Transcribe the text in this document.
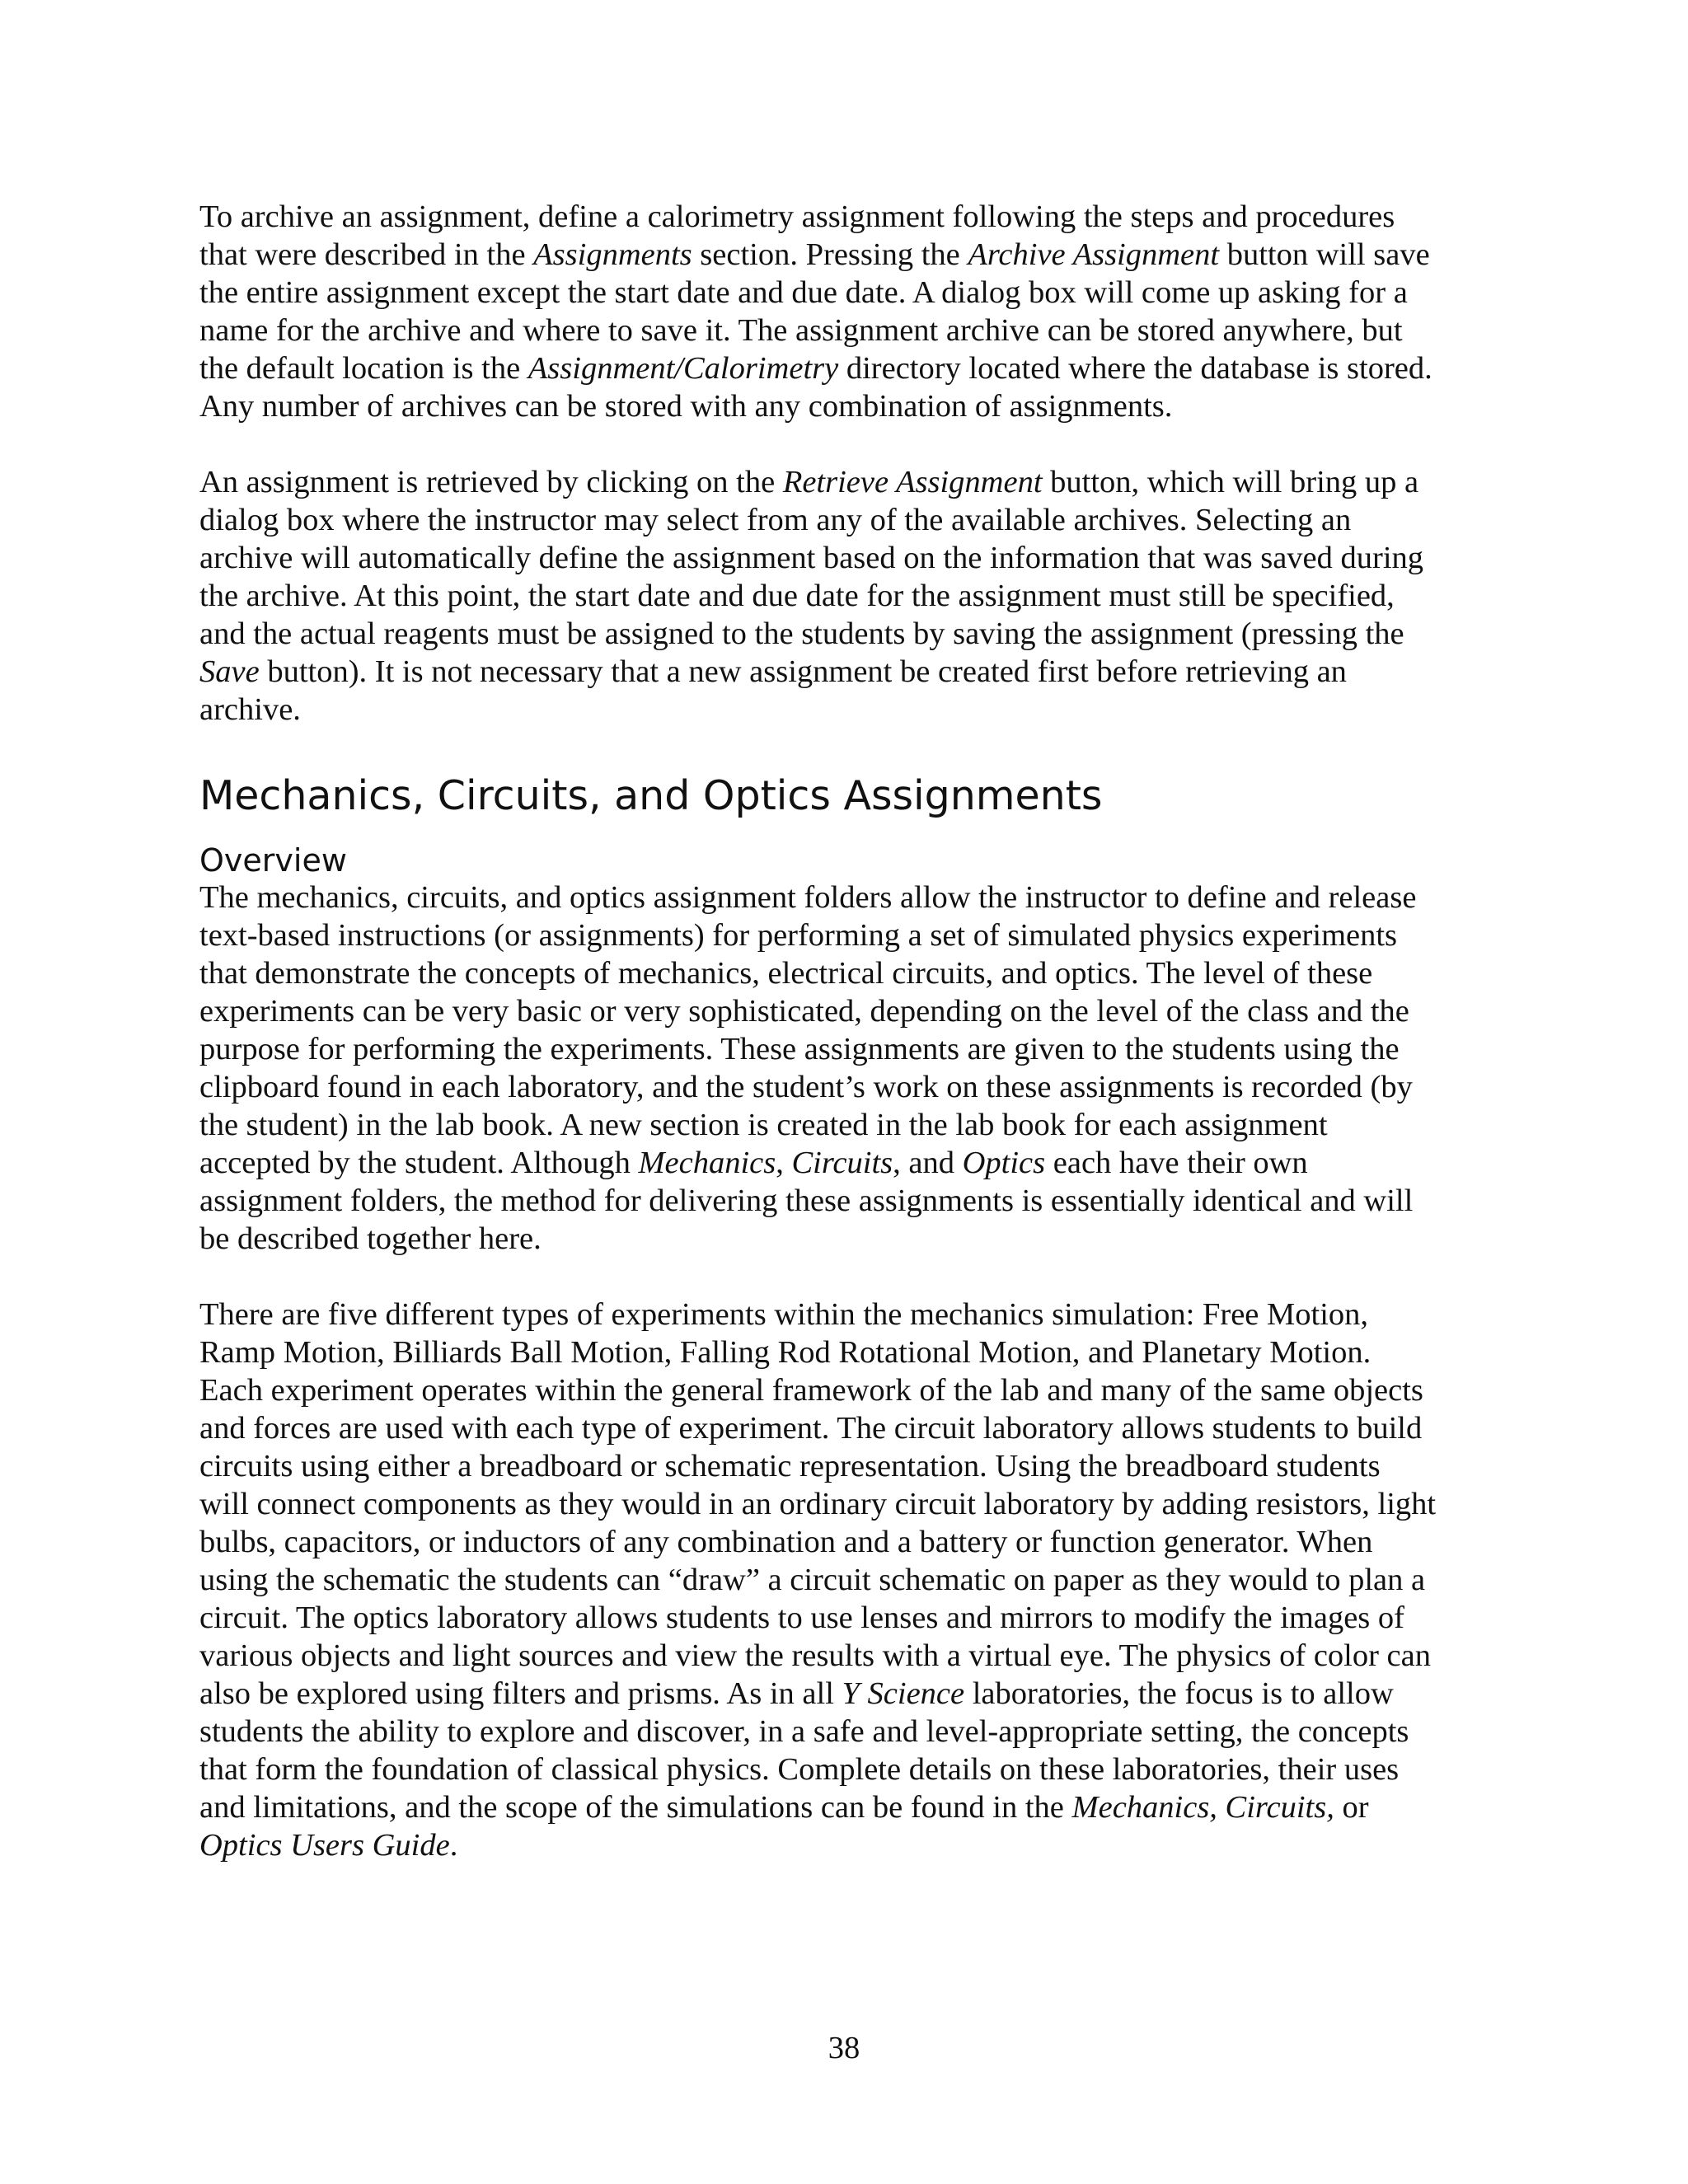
To archive an assignment, define a calorimetry assignment following the steps and procedures
that were described in the Assignments section. Pressing the Archive Assignment button will save
the entire assignment except the start date and due date. A dialog box will come up asking for a
name for the archive and where to save it. The assignment archive can be stored anywhere, but
the default location is the Assignment/Calorimetry directory located where the database is stored.
Any number of archives can be stored with any combination of assignments.

An assignment is retrieved by clicking on the Retrieve Assignment button, which will bring up a
dialog box where the instructor may select from any of the available archives. Selecting an
archive will automatically define the assignment based on the information that was saved during
the archive. At this point, the start date and due date for the assignment must still be specified,
and the actual reagents must be assigned to the students by saving the assignment (pressing the
Save button). It is not necessary that a new assignment be created first before retrieving an
archive.

Mechanics, Circuits, and Optics Assignments
Overview

The mechanics, circuits, and optics assignment folders allow the instructor to define and release
text-based instructions (or assignments) for performing a set of simulated physics experiments
that demonstrate the concepts of mechanics, electrical circuits, and optics. The level of these
experiments can be very basic or very sophisticated, depending on the level of the class and the
purpose for performing the experiments. These assignments are given to the students using the
clipboard found in each laboratory, and the student’s work on these assignments is recorded (by
the student) in the lab book. A new section is created in the lab book for each assignment
accepted by the student. Although Mechanics, Circuits, and Optics each have their own
assignment folders, the method for delivering these assignments is essentially identical and will
be described together here.

There are five different types of experiments within the mechanics simulation: Free Motion,
Ramp Motion, Billiards Ball Motion, Falling Rod Rotational Motion, and Planetary Motion.
Each experiment operates within the general framework of the lab and many of the same objects
and forces are used with each type of experiment. The circuit laboratory allows students to build
circuits using either a breadboard or schematic representation. Using the breadboard students
will connect components as they would in an ordinary circuit laboratory by adding resistors, light
bulbs, capacitors, or inductors of any combination and a battery or function generator. When
using the schematic the students can “draw” a circuit schematic on paper as they would to plan a
circuit. The optics laboratory allows students to use lenses and mirrors to modify the images of
various objects and light sources and view the results with a virtual eye. The physics of color can
also be explored using filters and prisms. As in all Y Science laboratories, the focus is to allow
students the ability to explore and discover, in a safe and level-appropriate setting, the concepts
that form the foundation of classical physics. Complete details on these laboratories, their uses
and limitations, and the scope of the simulations can be found in the Mechanics, Circuits, or
Optics Users Guide.

38
